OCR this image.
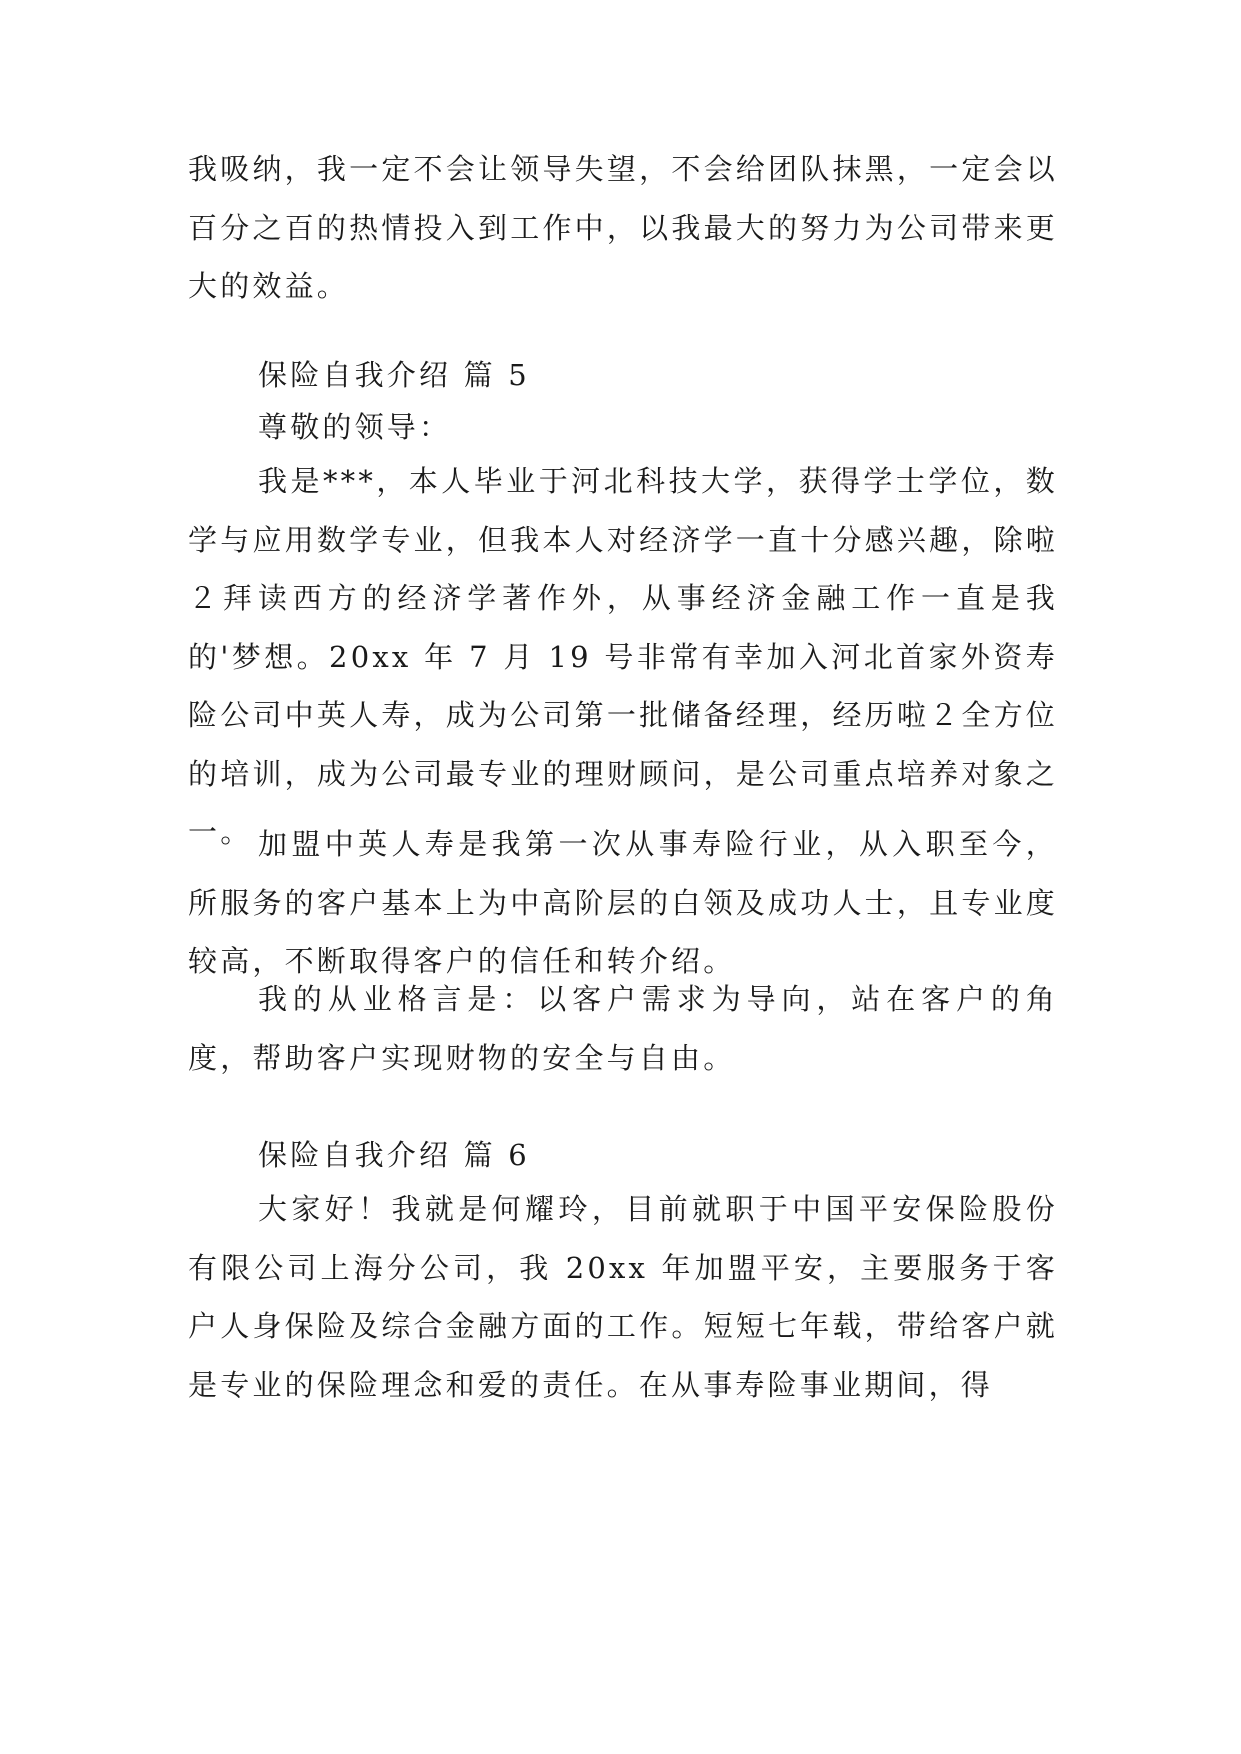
我吸纳，我一定不会让领导失望，不会给团队抹黑，一定会以百分之百的热情投入到工作中，以我最大的努力为公司带来更大的效益。

保险自我介绍 篇 5

尊敬的领导：

我是***，本人毕业于河北科技大学，获得学士学位，数学与应用数学专业，但我本人对经济学一直十分感兴趣，除啦２拜读西方的经济学著作外，从事经济金融工作一直是我的'梦想。20xx 年 7 月 19 号非常有幸加入河北首家外资寿险公司中英人寿，成为公司第一批储备经理，经历啦２全方位的培训，成为公司最专业的理财顾问，是公司重点培养对象之一。 加盟中英人寿是我第一次从事寿险行业，从入职至今，所服务的客户基本上为中高阶层的白领及成功人士，且专业度较高，不断取得客户的信任和转介绍。

我的从业格言是：以客户需求为导向，站在客户的角度，帮助客户实现财物的安全与自由。

保险自我介绍 篇 6

大家好！我就是何耀玲，目前就职于中国平安保险股份有限公司上海分公司，我 20xx 年加盟平安，主要服务于客户人身保险及综合金融方面的工作。短短七年载，带给客户就是专业的保险理念和爱的责任。在从事寿险事业期间，得
